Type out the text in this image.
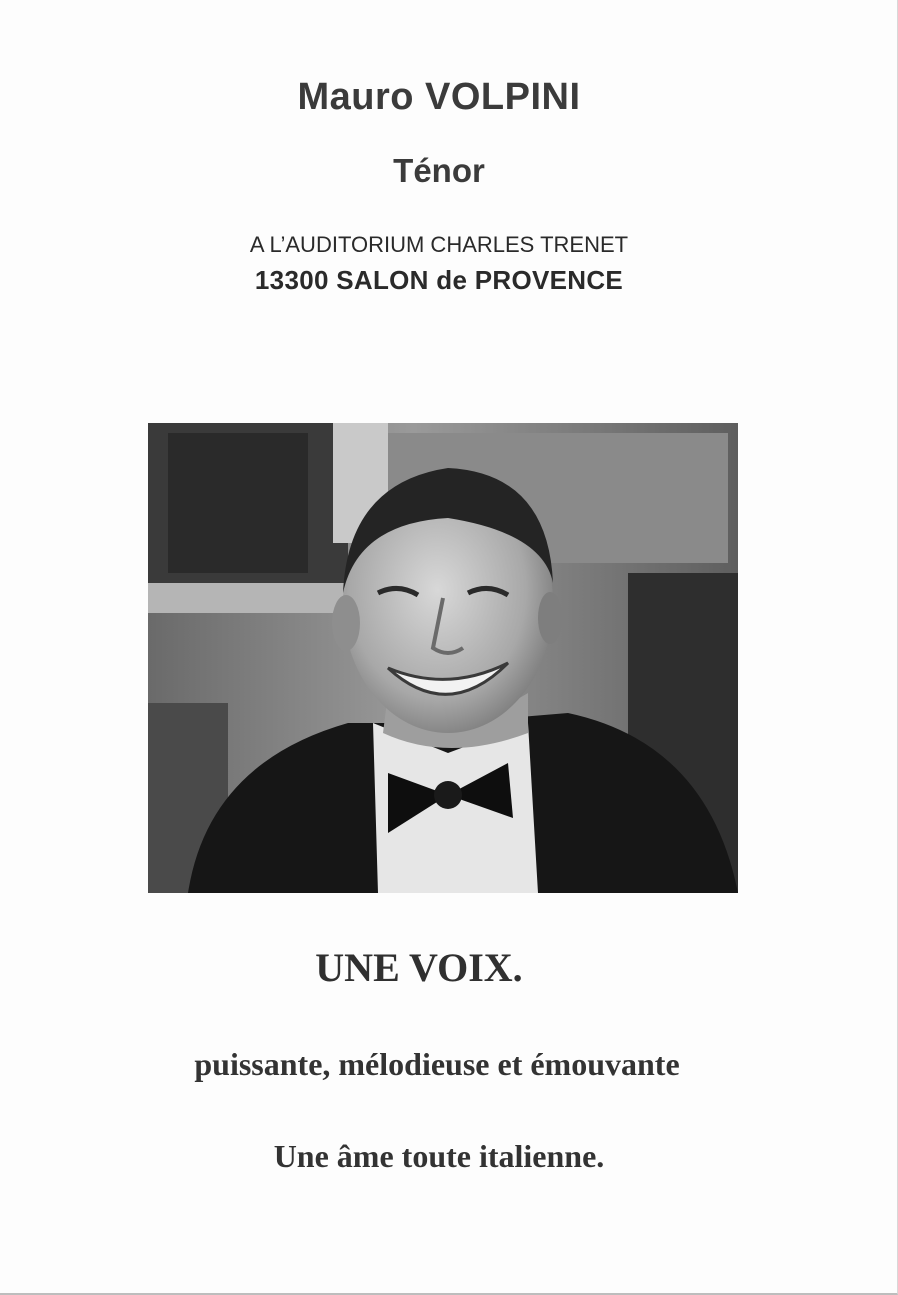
Mauro VOLPINI
Ténor
A L’AUDITORIUM CHARLES TRENET
13300 SALON de PROVENCE
UNE VOIX.
puissante, mélodieuse et émouvante
Une âme toute italienne.
